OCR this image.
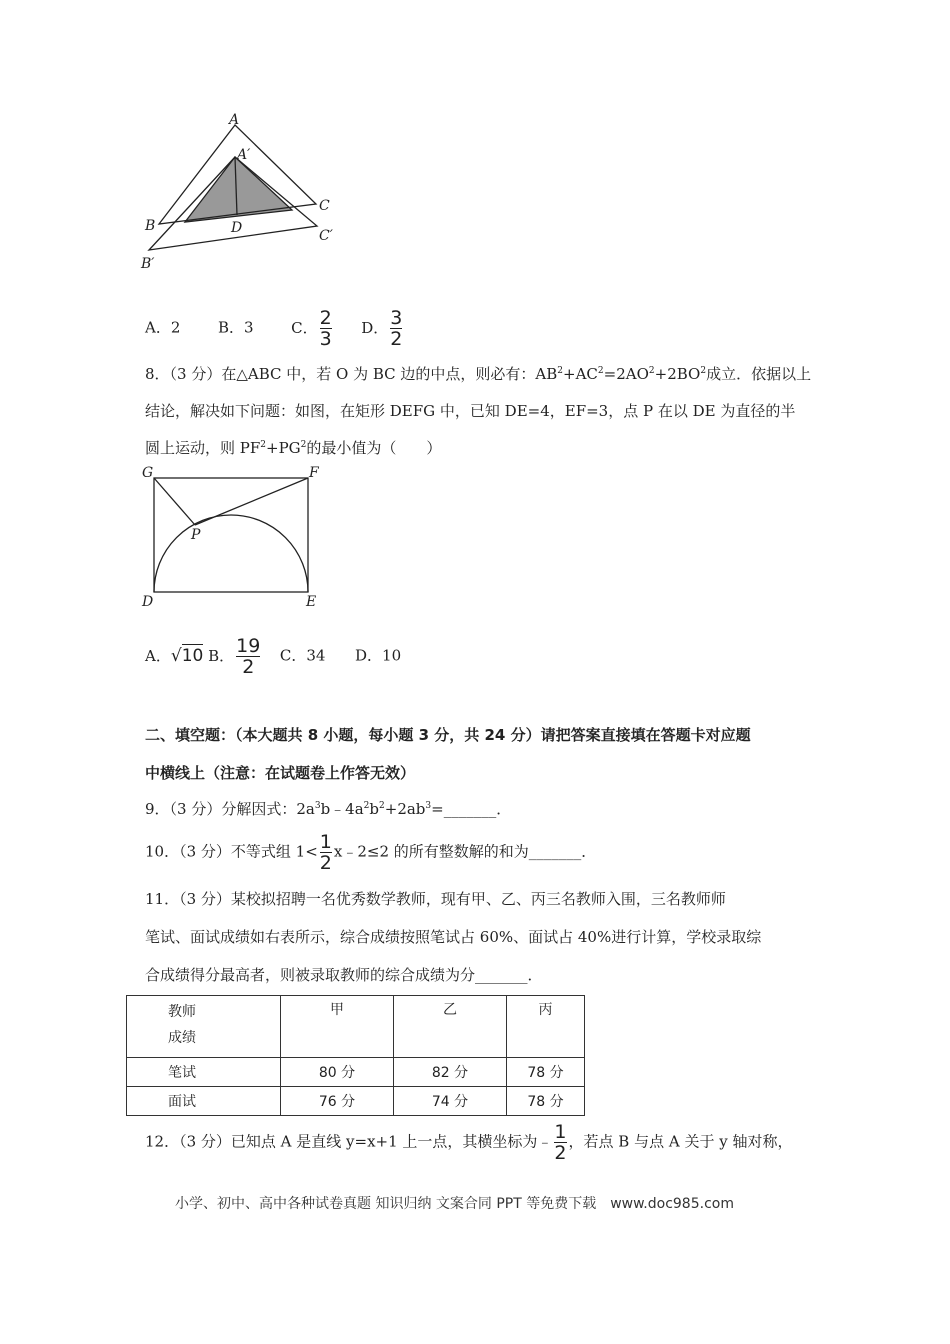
A
A′
B
C
D	C′
B′
A．2	B．3	C． $\frac{2}{3}$ D． $\frac{3}{2}$
8．（3 分）在△ABC 中，若 O 为 BC 边的中点，则必有：$AB^2+AC^2=2AO^2+2BO^2$成立．依据以上
结论，解决如下问题：如图，在矩形 DEFG 中，已知 DE=4，EF=3，点 P 在以 DE 为直径的半
圆上运动，则 $PF^2+PG^2$的最小值为（　　）
G	F
P
D	E
A．√10 B． $\frac{19}{2}$ C．34 D．10
二、填空题：（本大题共 8 小题，每小题 3 分，共 24 分）请把答案直接填在答题卡对应题
中横线上（注意：在试题卷上作答无效）
9．（3 分）分解因式：$2a^3b﹣4a^2b^2+2ab^3=\_\_\_\_\_\_\_$．
10．（3 分）不等式组 $1< \frac{1}{2}$ x﹣2≤2 的所有整数解的和为_______．
11．（3 分）某校拟招聘一名优秀数学教师，现有甲、乙、丙三名教师入围，三名教师师
笔试、面试成绩如右表所示，综合成绩按照笔试占 60%、面试占 40%进行计算，学校录取综
合成绩得分最高者，则被录取教师的综合成绩为分_______．
教师
成绩	甲	乙	丙
笔试	80 分	82 分	78 分
面试	76 分	74 分	78 分
12．（3 分）已知点 A 是直线 y=x+1 上一点，其横坐标为﹣ $\frac{1}{2}$ ，若点 B 与点 A 关于 y 轴对称，
小学、初中、高中各种试卷真题 知识归纳 文案合同 PPT 等免费下载　www.doc985.com
